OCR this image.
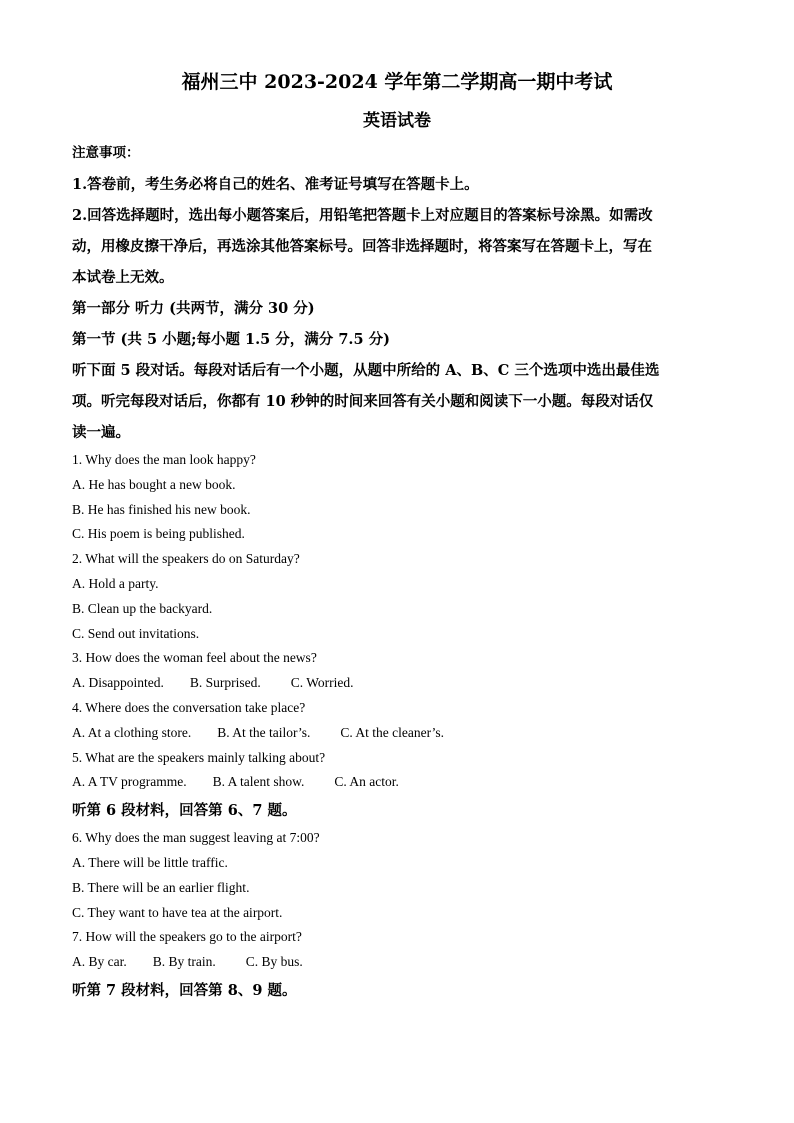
福州三中 2023-2024 学年第二学期高一期中考试
英语试卷

注意事项：

1.答卷前，考生务必将自己的姓名、准考证号填写在答题卡上。

2.回答选择题时，选出每小题答案后，用铅笔把答题卡上对应题目的答案标号涂黑。如需改

动，用橡皮擦干净后，再选涂其他答案标号。回答非选择题时，将答案写在答题卡上，写在

本试卷上无效。

第一部分 听力 (共两节，满分 30 分)

第一节 (共 5 小题;每小题 1.5 分，满分 7.5 分)

听下面 5 段对话。每段对话后有一个小题，从题中所给的 A、B、C 三个选项中选出最佳选

项。听完每段对话后，你都有 10 秒钟的时间来回答有关小题和阅读下一小题。每段对话仅

读一遍。

1. Why does the man look happy?

A. He has bought a new book.

B. He has finished his new book.

C. His poem is being published.

2. What will the speakers do on Saturday?

A. Hold a party.

B. Clean up the backyard.

C. Send out invitations.

3. How does the woman feel about the news?

A. Disappointed. B. Surprised. C. Worried.

4. Where does the conversation take place?

A. At a clothing store. B. At the tailor’s. C. At the cleaner’s.

5. What are the speakers mainly talking about?

A. A TV programme. B. A talent show. C. An actor.

听第 6 段材料，回答第 6、7 题。

6. Why does the man suggest leaving at 7:00?

A. There will be little traffic.

B. There will be an earlier flight.

C. They want to have tea at the airport.

7. How will the speakers go to the airport?

A. By car. B. By train. C. By bus.

听第 7 段材料，回答第 8、9 题。
